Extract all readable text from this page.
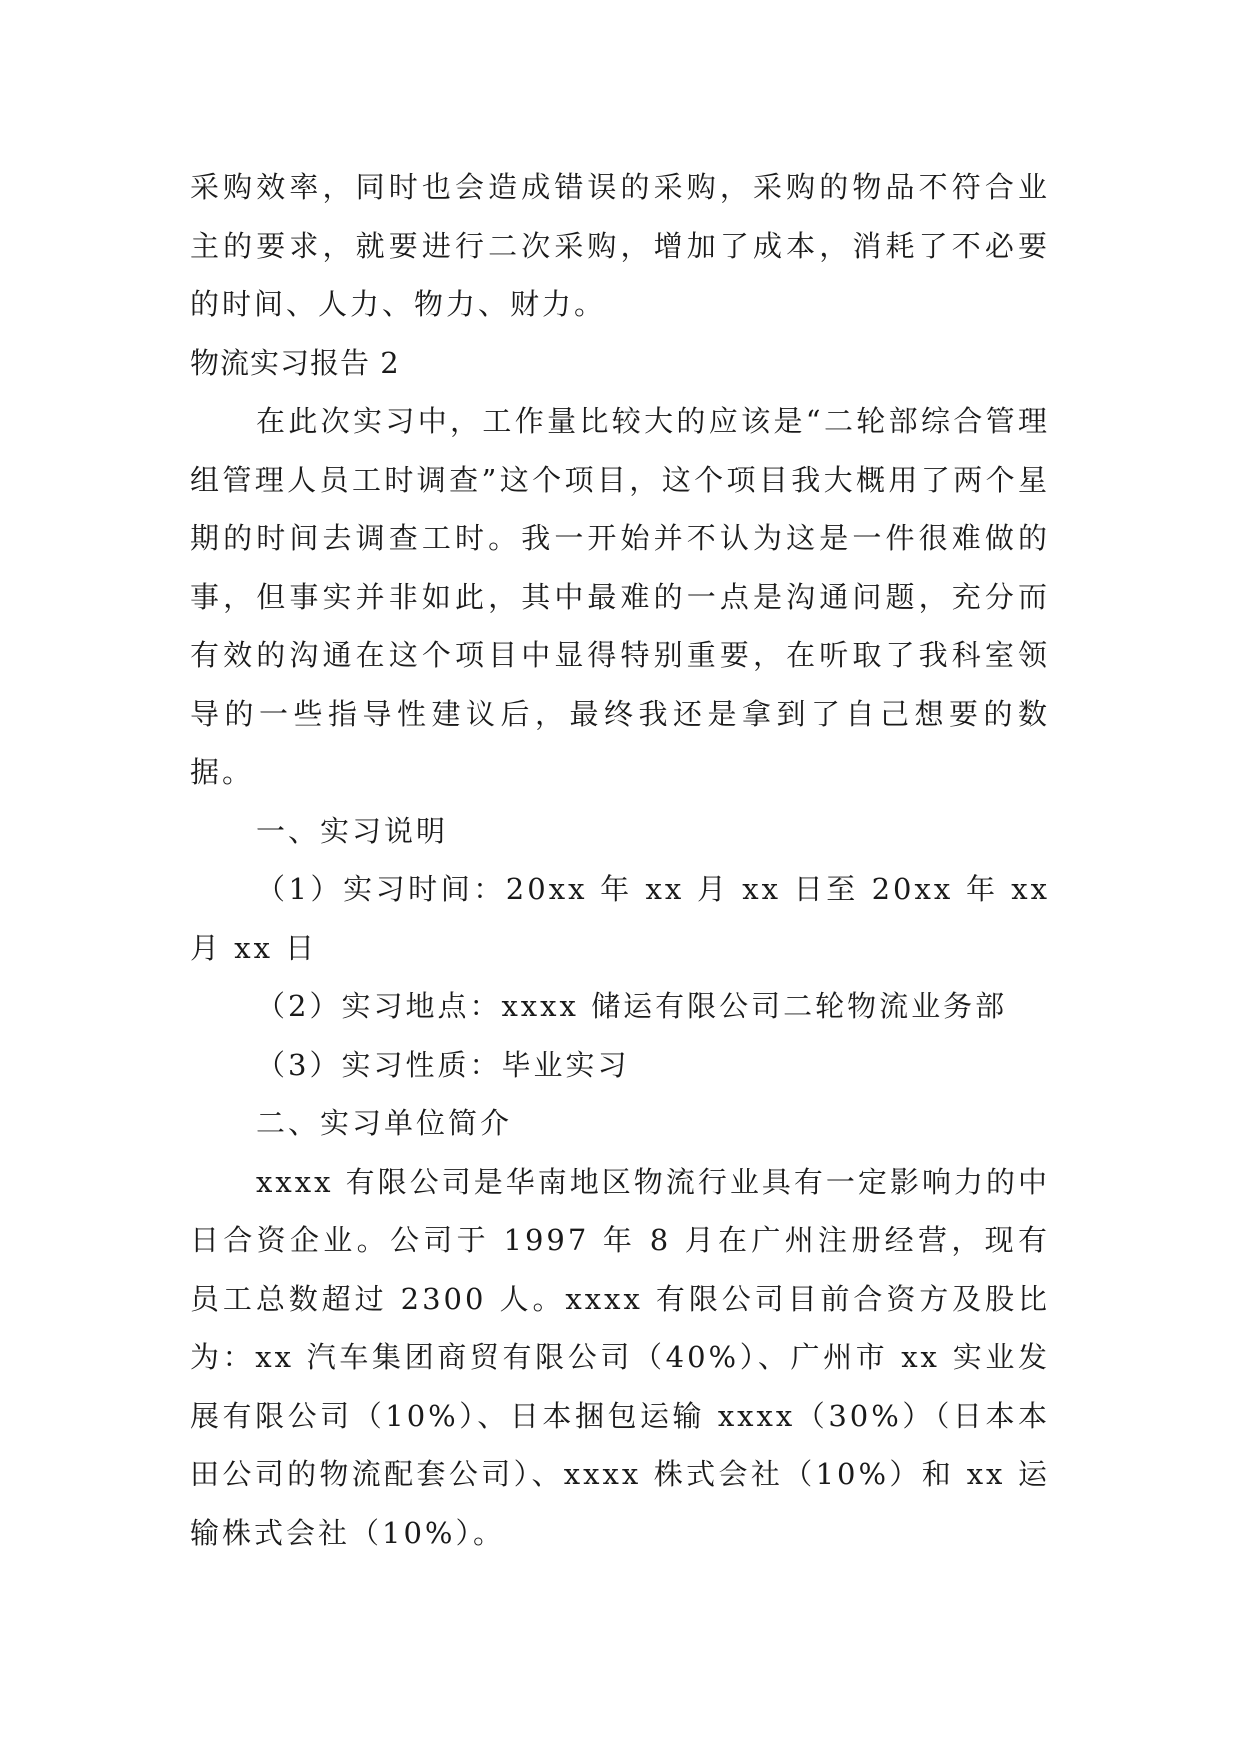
采购效率，同时也会造成错误的采购，采购的物品不符合业主的要求，就要进行二次采购，增加了成本，消耗了不必要的时间、人力、物力、财力。

物流实习报告 2

在此次实习中，工作量比较大的应该是“二轮部综合管理组管理人员工时调查”这个项目，这个项目我大概用了两个星期的时间去调查工时。我一开始并不认为这是一件很难做的事，但事实并非如此，其中最难的一点是沟通问题，充分而有效的沟通在这个项目中显得特别重要，在听取了我科室领导的一些指导性建议后，最终我还是拿到了自己想要的数据。

一、实习说明

（1）实习时间：20xx 年 xx 月 xx 日至 20xx 年 xx 月 xx 日

（2）实习地点：xxxx 储运有限公司二轮物流业务部

（3）实习性质：毕业实习

二、实习单位简介

xxxx 有限公司是华南地区物流行业具有一定影响力的中日合资企业。公司于 1997 年 8 月在广州注册经营，现有员工总数超过 2300 人。xxxx 有限公司目前合资方及股比为：xx 汽车集团商贸有限公司（40%）、广州市 xx 实业发展有限公司（10%）、日本捆包运输 xxxx（30%）（日本本田公司的物流配套公司）、xxxx 株式会社（10%）和 xx 运输株式会社（10%）。
